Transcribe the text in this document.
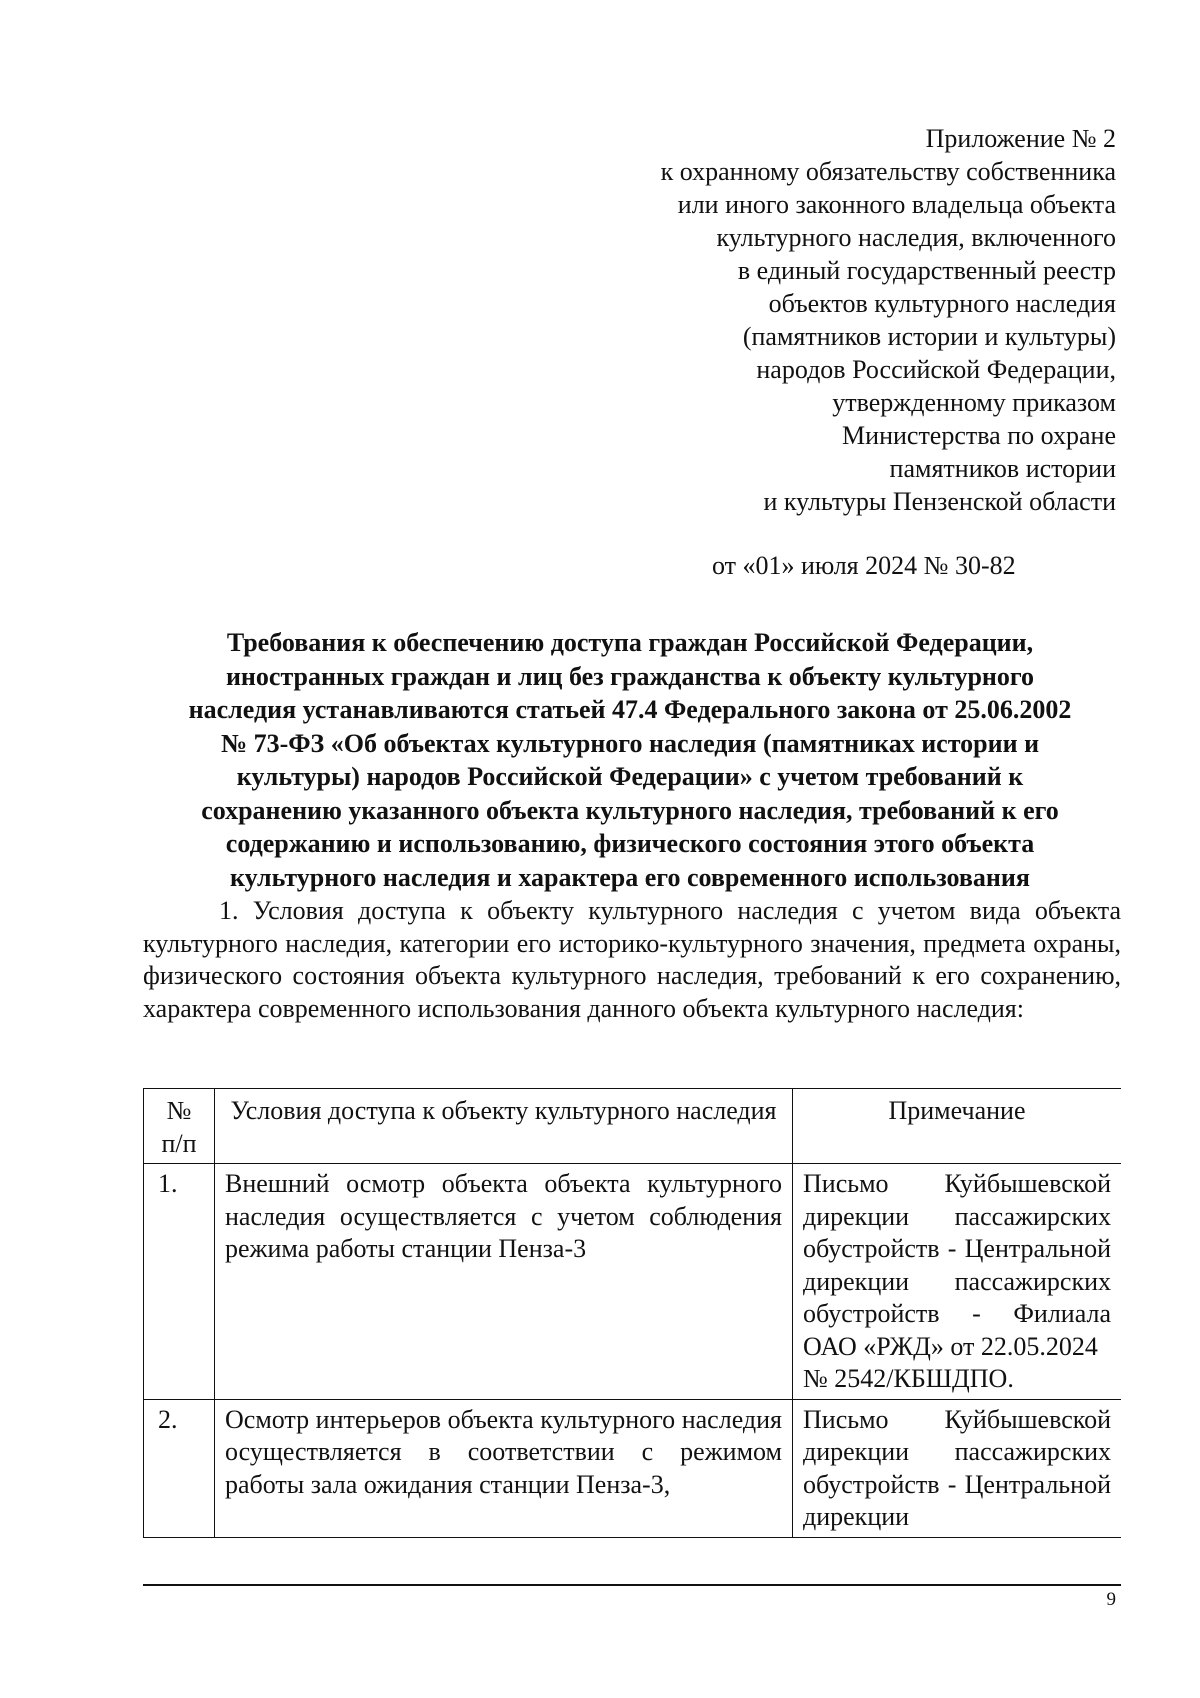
Приложение № 2
к охранному обязательству собственника
или иного законного владельца объекта
культурного наследия, включенного
в единый государственный реестр
объектов культурного наследия
(памятников истории и культуры)
народов Российской Федерации,
утвержденному приказом
Министерства по охране
памятников истории
и культуры Пензенской области
от «01» июля 2024 № 30-82
Требования к обеспечению доступа граждан Российской Федерации,
иностранных граждан и лиц без гражданства к объекту культурного
наследия устанавливаются статьей 47.4 Федерального закона от 25.06.2002
№ 73-ФЗ «Об объектах культурного наследия (памятниках истории и
культуры) народов Российской Федерации» с учетом требований к
сохранению указанного объекта культурного наследия, требований к его
содержанию и использованию, физического состояния этого объекта
культурного наследия и характера его современного использования
1. Условия доступа к объекту культурного наследия с учетом вида объекта культурного наследия, категории его историко-культурного значения, предмета охраны, физического состояния объекта культурного наследия, требований к его сохранению, характера современного использования данного объекта культурного наследия:
№ п/п	Условия доступа к объекту культурного наследия	Примечание
1.	Внешний осмотр объекта объекта культурного наследия осуществляется с учетом соблюдения режима работы станции Пенза-3	Письмо Куйбышевской дирекции пассажирских обустройств - Центральной дирекции пассажирских обустройств - Филиала ОАО «РЖД» от 22.05.2024
№ 2542/КБШДПО.

2.	Осмотр интерьеров объекта культурного наследия осуществляется в соответствии с режимом работы зала ожидания станции Пенза-3,	Письмо Куйбышевской дирекции пассажирских обустройств - Центральной дирекции
9
